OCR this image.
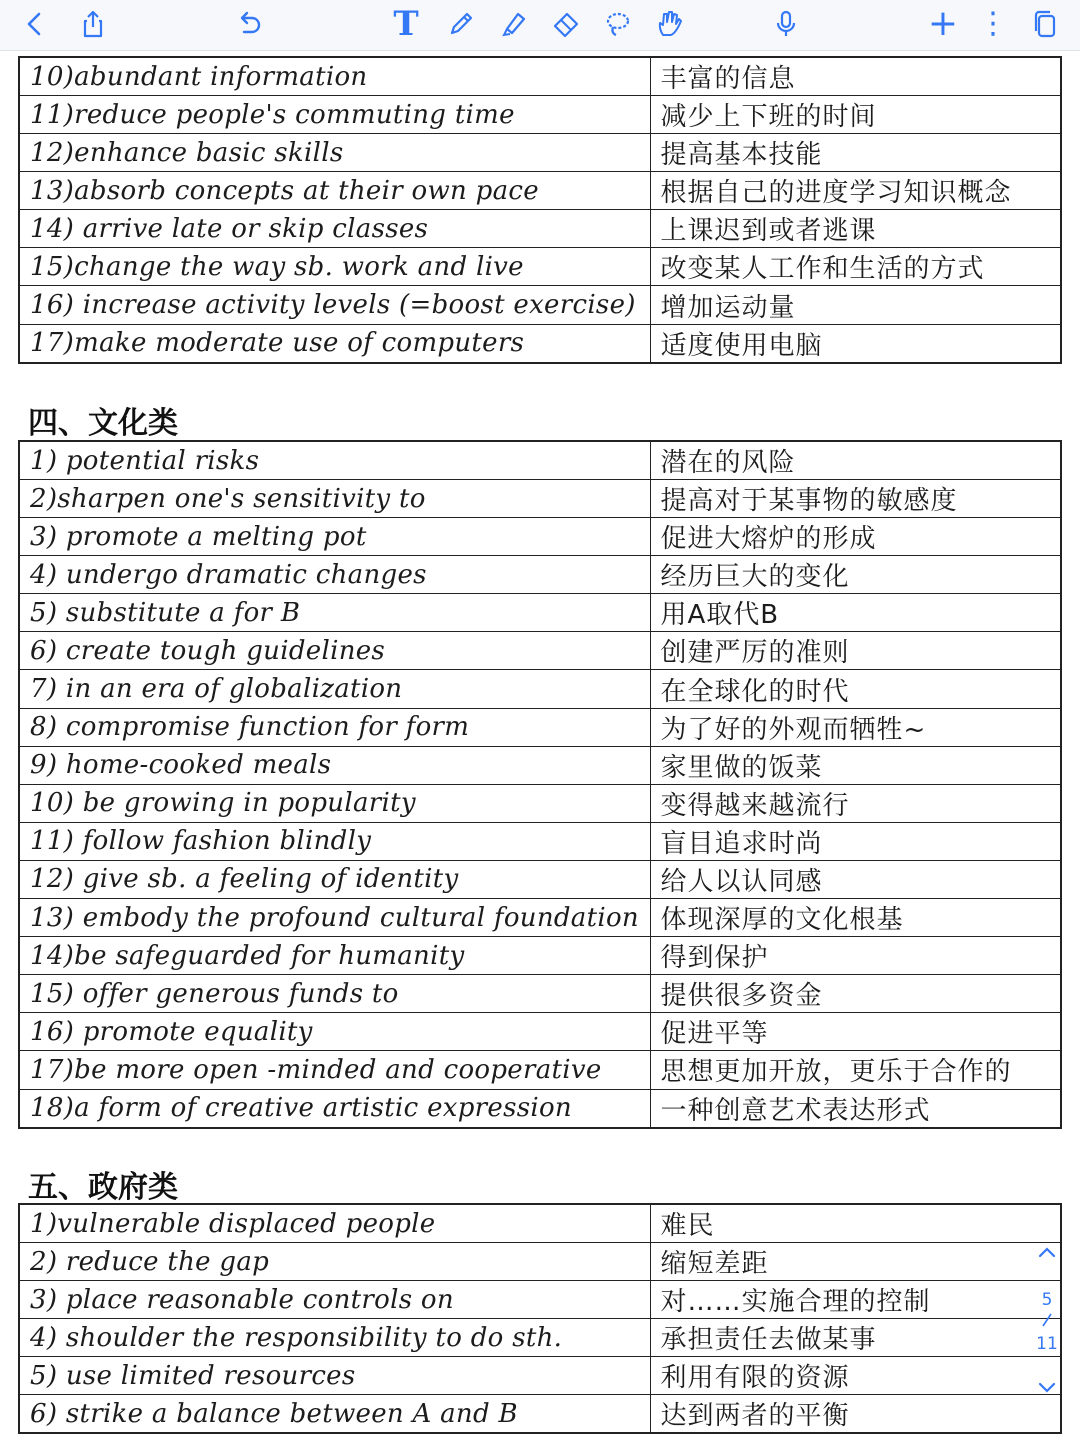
T	+ ⋮
10)abundant information	丰富的信息
11)reduce people's commuting time	减少上下班的时间
12)enhance basic skills	提高基本技能
13)absorb concepts at their own pace	根据自己的进度学习知识概念
14) arrive late or skip classes	上课迟到或者逃课
15)change the way sb. work and live	改变某人工作和生活的方式
16) increase activity levels (=boost exercise)	增加运动量
17)make moderate use of computers	适度使用电脑
四、文化类
1) potential risks	潜在的风险
2)sharpen one's sensitivity to	提高对于某事物的敏感度
3) promote a melting pot	促进大熔炉的形成
4) undergo dramatic changes	经历巨大的变化
5) substitute a for B	用A取代B
6) create tough guidelines	创建严厉的准则
7) in an era of globalization	在全球化的时代
8) compromise function for form	为了好的外观而牺牲~
9) home-cooked meals	家里做的饭菜
10) be growing in popularity	变得越来越流行
11) follow fashion blindly	盲目追求时尚
12) give sb. a feeling of identity	给人以认同感
13) embody the profound cultural foundation	体现深厚的文化根基
14)be safeguarded for humanity	得到保护
15) offer generous funds to	提供很多资金
16) promote equality	促进平等
17)be more open -minded and cooperative	思想更加开放，更乐于合作的
18)a form of creative artistic expression	一种创意艺术表达形式
五、政府类
1)vulnerable displaced people	难民
2) reduce the gap	缩短差距
3) place reasonable controls on	对……实施合理的控制
4) shoulder the responsibility to do sth.	承担责任去做某事
5) use limited resources	利用有限的资源
6) strike a balance between A and B	达到两者的平衡
5
11
